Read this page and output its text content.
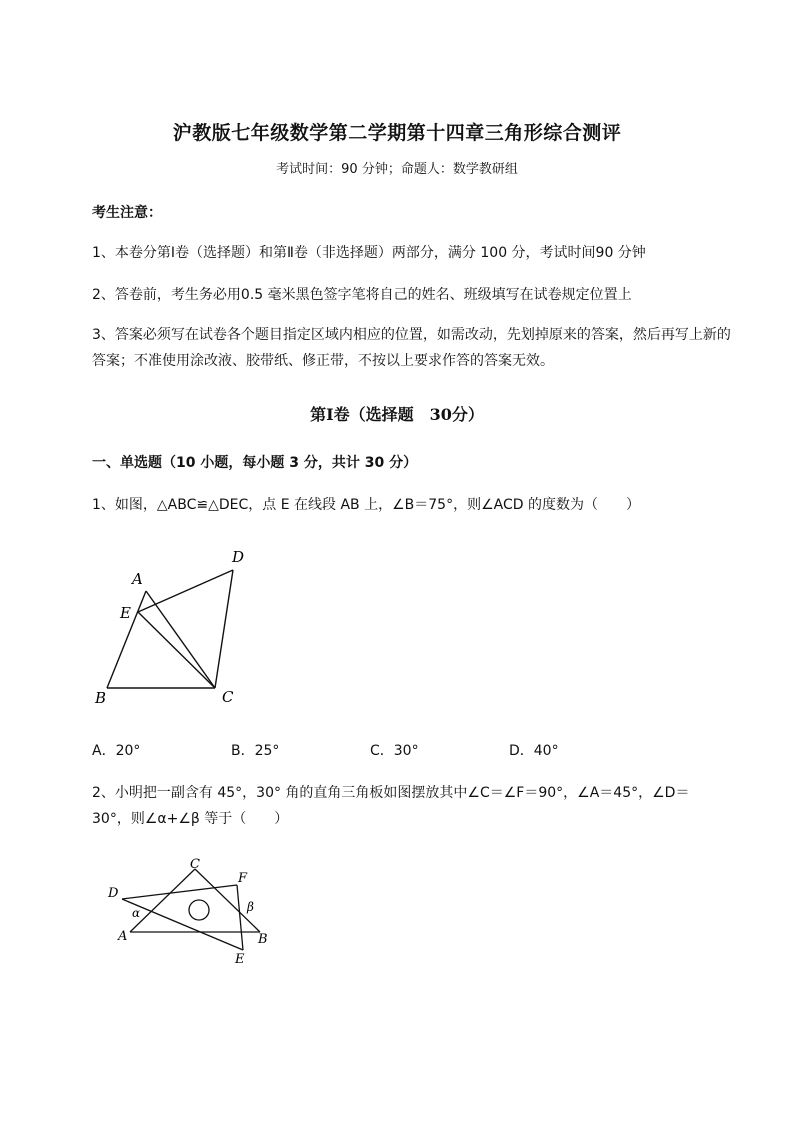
沪教版七年级数学第二学期第十四章三角形综合测评
考试时间：90 分钟；命题人：数学教研组
考生注意：
1、本卷分第Ⅰ卷（选择题）和第Ⅱ卷（非选择题）两部分，满分 100 分，考试时间90 分钟
2、答卷前，考生务必用0.5 毫米黑色签字笔将自己的姓名、班级填写在试卷规定位置上
3、答案必须写在试卷各个题目指定区域内相应的位置，如需改动，先划掉原来的答案，然后再写上新的答案；不准使用涂改液、胶带纸、修正带，不按以上要求作答的答案无效。
第Ⅰ卷（选择题　30分）
一、单选题（10 小题，每小题 3 分，共计 30 分）
1、如图，△ABC≌△DEC，点 E 在线段 AB 上，∠B＝75°，则∠ACD 的度数为（　　）
A
D
E
B	C
A．20°	B．25°	C．30°	D．40°
2、小明把一副含有 45°，30° 角的直角三角板如图摆放其中∠C＝∠F＝90°，∠A＝45°，∠D＝
30°，则∠α+∠β 等于（　　）
C
D
F
α	β
A	B
E
